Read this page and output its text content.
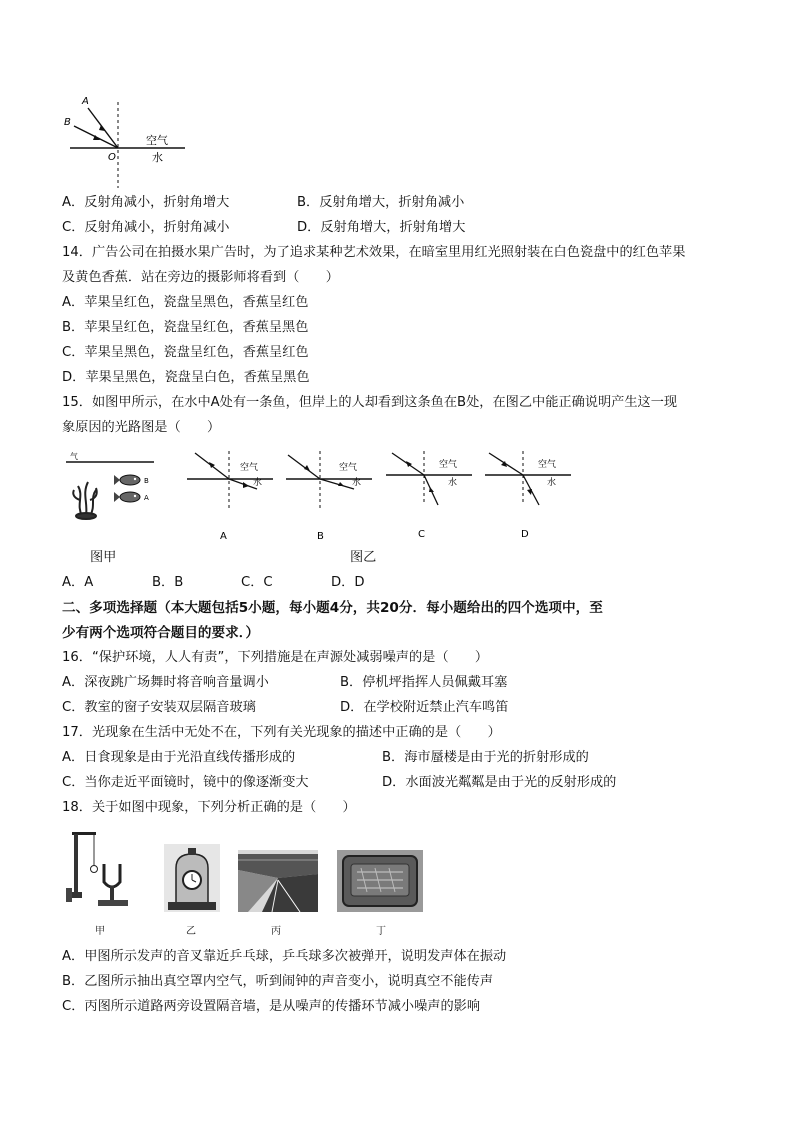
A
B
O
空气
水
A．反射角减小，折射角增大	B．反射角增大，折射角减小
C．反射角减小，折射角减小	D．反射角增大，折射角增大
14．广告公司在拍摄水果广告时，为了追求某种艺术效果，在暗室里用红光照射装在白色瓷盘中的红色苹果
及黄色香蕉．站在旁边的摄影师将看到（　　）
A．苹果呈红色，瓷盘呈黑色，香蕉呈红色
B．苹果呈红色，瓷盘呈红色，香蕉呈黑色
C．苹果呈黑色，瓷盘呈红色，香蕉呈红色
D．苹果呈黑色，瓷盘呈白色，香蕉呈黑色
15．如图甲所示，在水中A处有一条鱼，但岸上的人却看到这条鱼在B处，在图乙中能正确说明产生这一现
象原因的光路图是（　　）
气
B
A
空气
水
A
空气
水
B
空气
水
C
空气
水
D
图甲	图乙
A．A	B．B	C．C	D．D
二、多项选择题（本大题包括5小题，每小题4分，共20分．每小题给出的四个选项中，至
少有两个选项符合题目的要求．）
16．“保护环境，人人有责”，下列措施是在声源处减弱噪声的是（　　）
A．深夜跳广场舞时将音响音量调小	B．停机坪指挥人员佩戴耳塞
C．教室的窗子安装双层隔音玻璃	D．在学校附近禁止汽车鸣笛
17．光现象在生活中无处不在，下列有关光现象的描述中正确的是（　　）
A．日食现象是由于光沿直线传播形成的	B．海市蜃楼是由于光的折射形成的
C．当你走近平面镜时，镜中的像逐渐变大	D．水面波光粼粼是由于光的反射形成的
18．关于如图中现象，下列分析正确的是（　　）
甲	乙	丙	丁
A．甲图所示发声的音叉靠近乒乓球，乒乓球多次被弹开，说明发声体在振动
B．乙图所示抽出真空罩内空气，听到闹钟的声音变小，说明真空不能传声
C．丙图所示道路两旁设置隔音墙，是从噪声的传播环节减小噪声的影响
